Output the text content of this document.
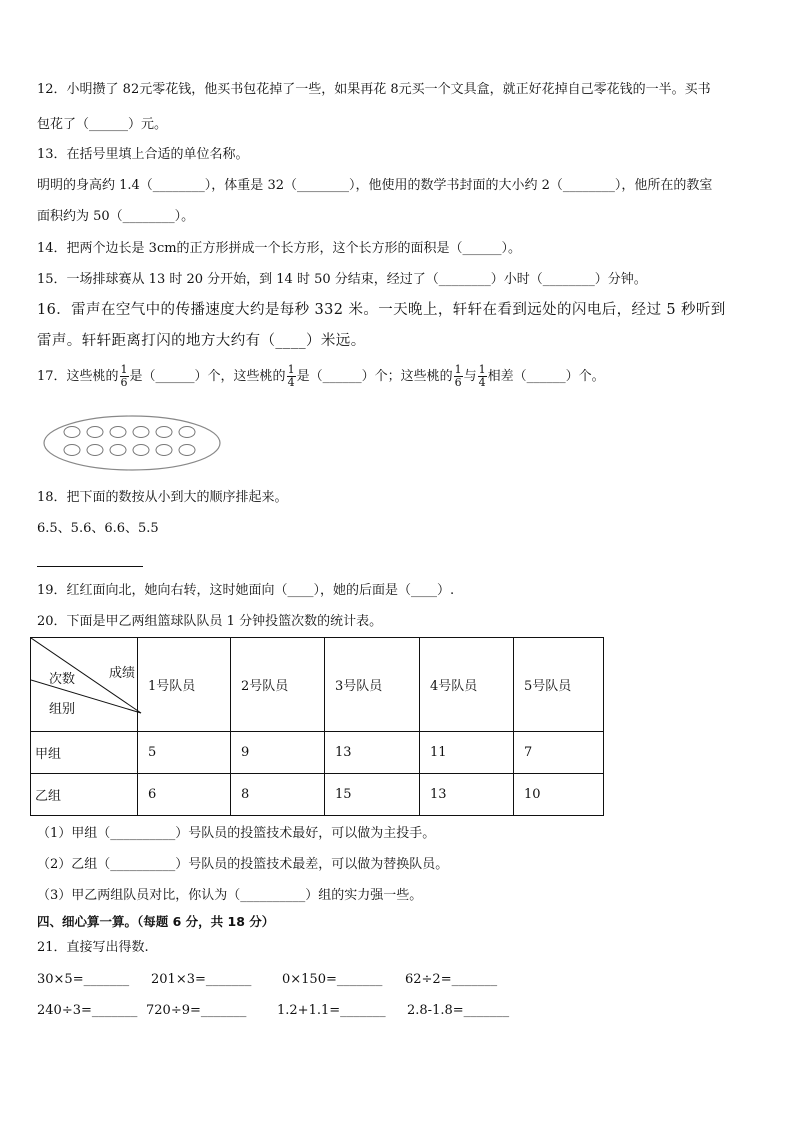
12．小明攒了 82元零花钱，他买书包花掉了一些，如果再花 8元买一个文具盒，就正好花掉自己零花钱的一半。买书
包花了（______）元。
13．在括号里填上合适的单位名称。
明明的身高约 1.4（________），体重是 32（________），他使用的数学书封面的大小约 2（________），他所在的教室
面积约为 50（________）。
14．把两个边长是 3cm的正方形拼成一个长方形，这个长方形的面积是（______）。
15．一场排球赛从 13 时 20 分开始，到 14 时 50 分结束，经过了（________）小时（________）分钟。
16．雷声在空气中的传播速度大约是每秒 332 米。一天晚上，轩轩在看到远处的闪电后，经过 5 秒听到
雷声。轩轩距离打闪的地方大约有（____）米远。
17．这些桃的 $\frac{1}{6}$ 是（______）个，这些桃的 $\frac{1}{4}$ 是（______）个；这些桃的 $\frac{1}{6}$ 与 $\frac{1}{4}$ 相差（______）个。
18．把下面的数按从小到大的顺序排起来。
6.5、5.6、6.6、5.5
19．红红面向北，她向右转，这时她面向（____），她的后面是（____）.
20．下面是甲乙两组篮球队队员 1 分钟投篮次数的统计表。
成绩
次数
组别	1号队员	2号队员	3号队员	4号队员	5号队员
甲组	5	9	13	11	7
乙组	6	8	15	13	10
（1）甲组（__________）号队员的投篮技术最好，可以做为主投手。
（2）乙组（__________）号队员的投篮技术最差，可以做为替换队员。
（3）甲乙两组队员对比，你认为（__________）组的实力强一些。
四、细心算一算。（每题 6 分，共 18 分）
21．直接写出得数.
30×5=_______ 201×3=_______ 0×150=_______ 62÷2=_______
240÷3=_______ 720÷9=_______ 1.2+1.1=_______ 2.8-1.8=_______
